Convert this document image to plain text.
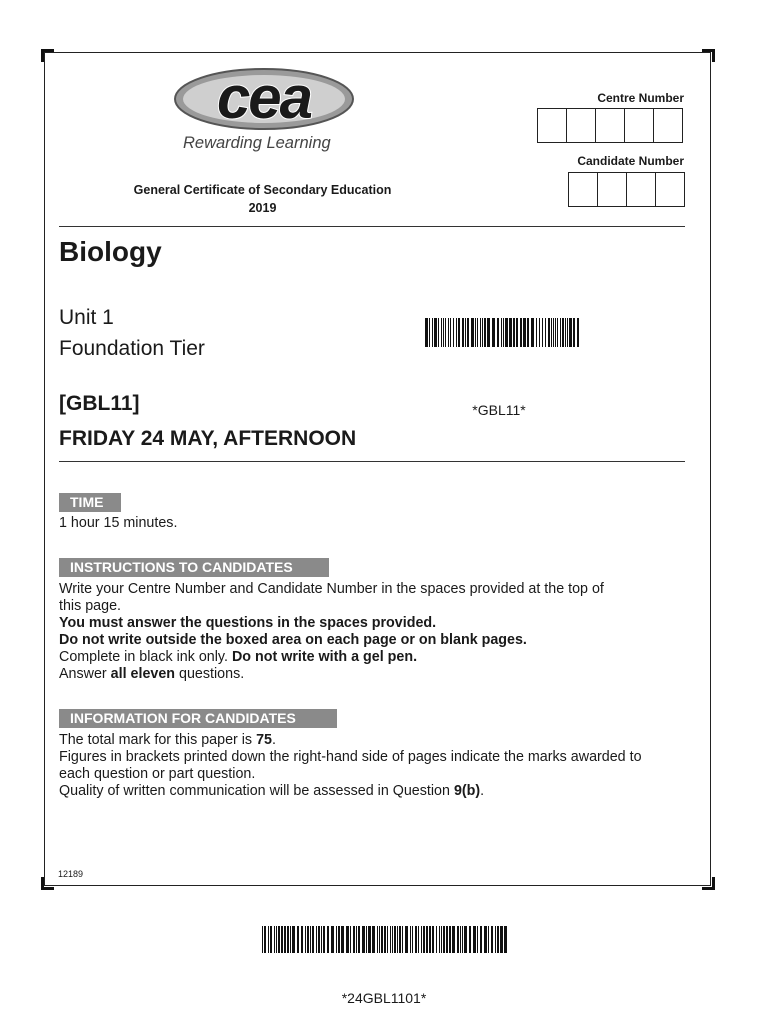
cea
Rewarding Learning
General Certificate of Secondary Education
2019
Centre Number
Candidate Number
Biology
Unit 1
Foundation Tier
[GBL11]	*GBL11*
FRIDAY 24 MAY, AFTERNOON
TIME
1 hour 15 minutes.
INSTRUCTIONS TO CANDIDATES
Write your Centre Number and Candidate Number in the spaces provided at the top of
this page.
You must answer the questions in the spaces provided.
Do not write outside the boxed area on each page or on blank pages.
Complete in black ink only. Do not write with a gel pen.
Answer all eleven questions.
INFORMATION FOR CANDIDATES
The total mark for this paper is 75.
Figures in brackets printed down the right-hand side of pages indicate the marks awarded to
each question or part question.
Quality of written communication will be assessed in Question 9(b).
12189
*24GBL1101*
